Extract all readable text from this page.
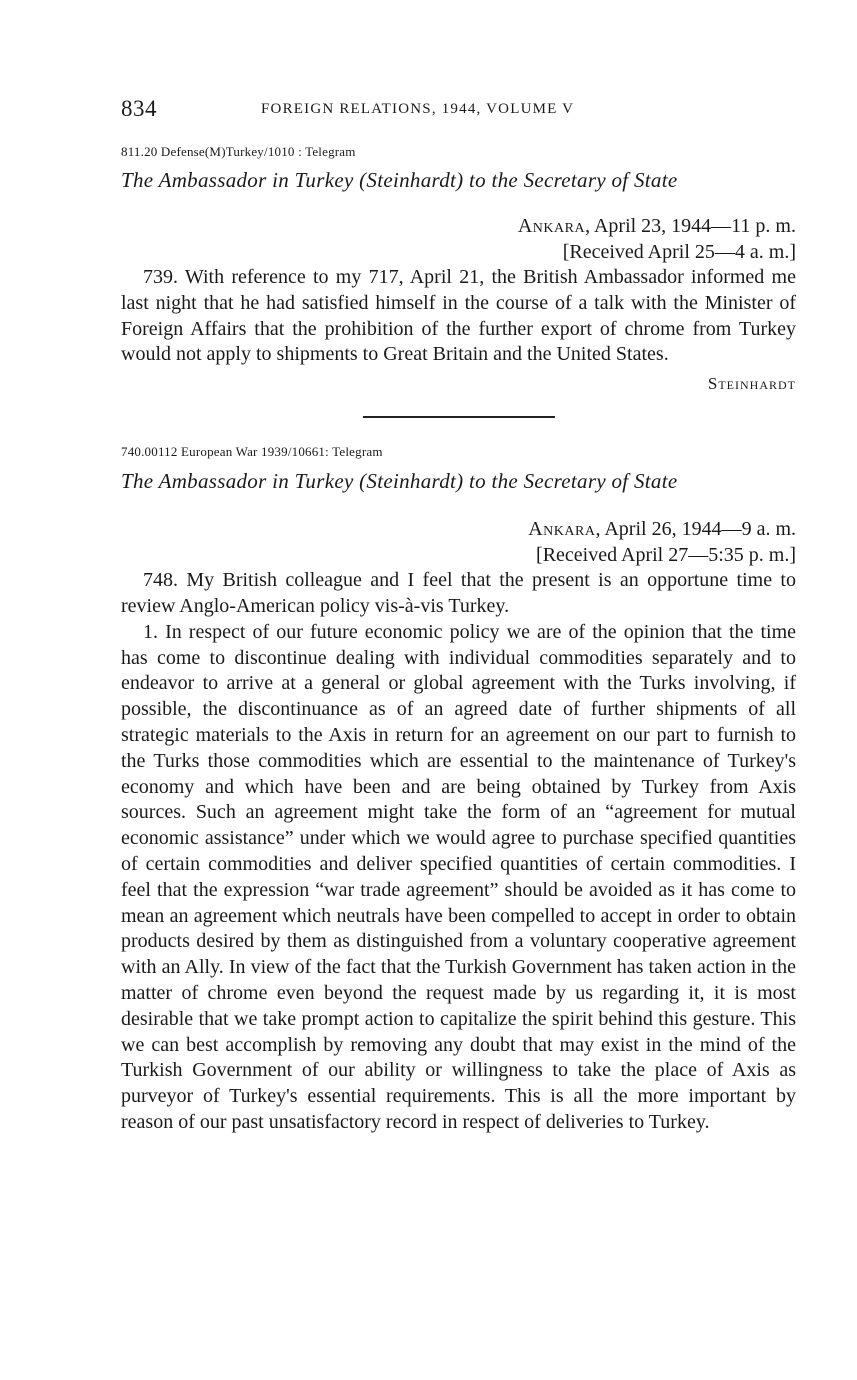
834	FOREIGN RELATIONS, 1944, VOLUME V
811.20 Defense(M)Turkey/1010 : Telegram
The Ambassador in Turkey (Steinhardt) to the Secretary of State
Ankara, April 23, 1944—11 p. m.
[Received April 25—4 a. m.]

739. With reference to my 717, April 21, the British Ambassador informed me last night that he had satisfied himself in the course of a talk with the Minister of Foreign Affairs that the prohibition of the further export of chrome from Turkey would not apply to shipments to Great Britain and the United States.

Steinhardt
740.00112 European War 1939/10661: Telegram
The Ambassador in Turkey (Steinhardt) to the Secretary of State
Ankara, April 26, 1944—9 a. m.
[Received April 27—5:35 p. m.]

748. My British colleague and I feel that the present is an opportune time to review Anglo-American policy vis-à-vis Turkey.

1. In respect of our future economic policy we are of the opinion that the time has come to discontinue dealing with individual commodities separately and to endeavor to arrive at a general or global agreement with the Turks involving, if possible, the discontinuance as of an agreed date of further shipments of all strategic materials to the Axis in return for an agreement on our part to furnish to the Turks those commodities which are essential to the maintenance of Turkey's economy and which have been and are being obtained by Turkey from Axis sources. Such an agreement might take the form of an “agreement for mutual economic assistance” under which we would agree to purchase specified quantities of certain commodities and deliver specified quantities of certain commodities. I feel that the expression “war trade agreement” should be avoided as it has come to mean an agreement which neutrals have been compelled to accept in order to obtain products desired by them as distinguished from a voluntary cooperative agreement with an Ally. In view of the fact that the Turkish Government has taken action in the matter of chrome even beyond the request made by us regarding it, it is most desirable that we take prompt action to capitalize the spirit behind this gesture. This we can best accomplish by removing any doubt that may exist in the mind of the Turkish Government of our ability or willingness to take the place of Axis as purveyor of Turkey's essential requirements. This is all the more important by reason of our past unsatisfactory record in respect of deliveries to Turkey.
